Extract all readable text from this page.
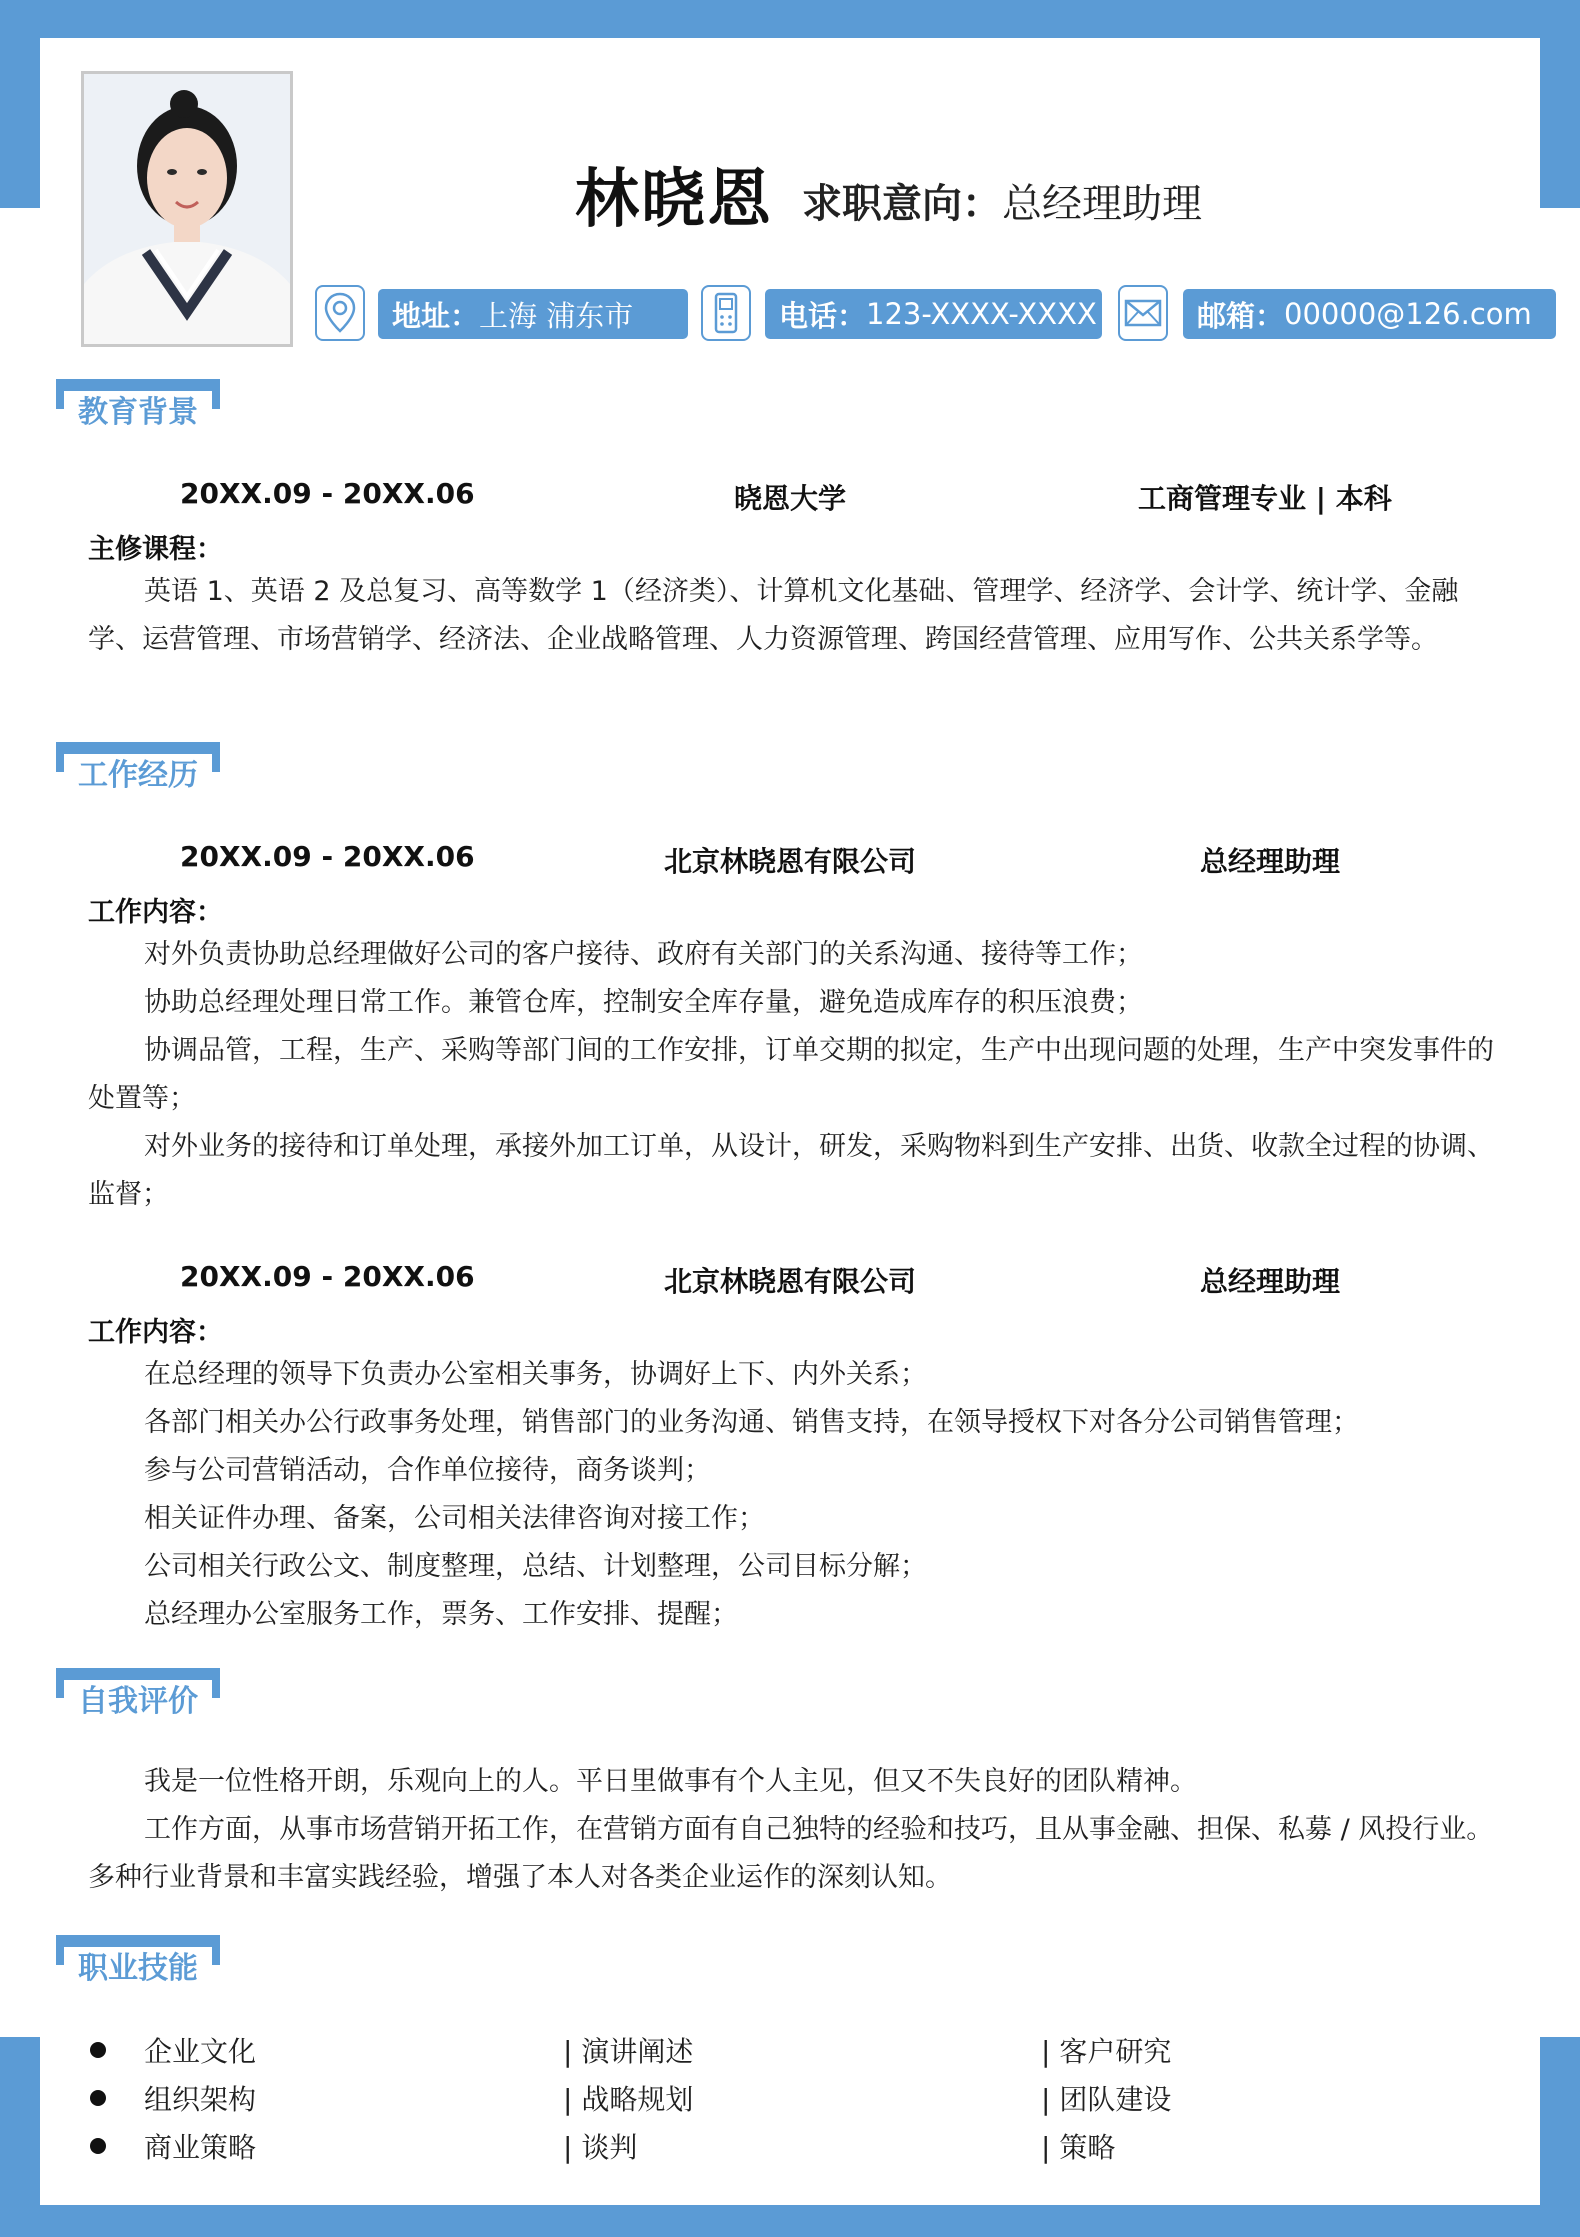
林晓恩 求职意向：总经理助理
地址： 上海 浦东市	电话： 123-XXXX-XXXX	邮箱： 00000@126.com
教育背景
20XX.09 - 20XX.06	晓恩大学	工商管理专业 | 本科
主修课程：

英语 1、英语 2 及总复习、高等数学 1（经济类）、计算机文化基础、管理学、经济学、会计学、统计学、金融学、运营管理、市场营销学、经济法、企业战略管理、人力资源管理、跨国经营管理、应用写作、公共关系学等。

工作经历
20XX.09 - 20XX.06	北京林晓恩有限公司	总经理助理
工作内容：

对外负责协助总经理做好公司的客户接待、政府有关部门的关系沟通、接待等工作；

协助总经理处理日常工作。兼管仓库，控制安全库存量，避免造成库存的积压浪费；

协调品管，工程，生产、采购等部门间的工作安排，订单交期的拟定，生产中出现问题的处理，生产中突发事件的处置等；

对外业务的接待和订单处理，承接外加工订单，从设计，研发，采购物料到生产安排、出货、收款全过程的协调、监督；

20XX.09 - 20XX.06	北京林晓恩有限公司	总经理助理
工作内容：
在总经理的领导下负责办公室相关事务，协调好上下、内外关系；
各部门相关办公行政事务处理，销售部门的业务沟通、销售支持，在领导授权下对各分公司销售管理；
参与公司营销活动，合作单位接待，商务谈判；
相关证件办理、备案，公司相关法律咨询对接工作；
公司相关行政公文、制度整理，总结、计划整理，公司目标分解；
总经理办公室服务工作，票务、工作安排、提醒；
自我评价

我是一位性格开朗，乐观向上的人。平日里做事有个人主见，但又不失良好的团队精神。

工作方面，从事市场营销开拓工作，在营销方面有自己独特的经验和技巧，且从事金融、担保、私募 / 风投行业。多种行业背景和丰富实践经验，增强了本人对各类企业运作的深刻认知。

职业技能
企业文化	| 演讲阐述	| 客户研究
组织架构	| 战略规划	| 团队建设
商业策略	| 谈判	| 策略
